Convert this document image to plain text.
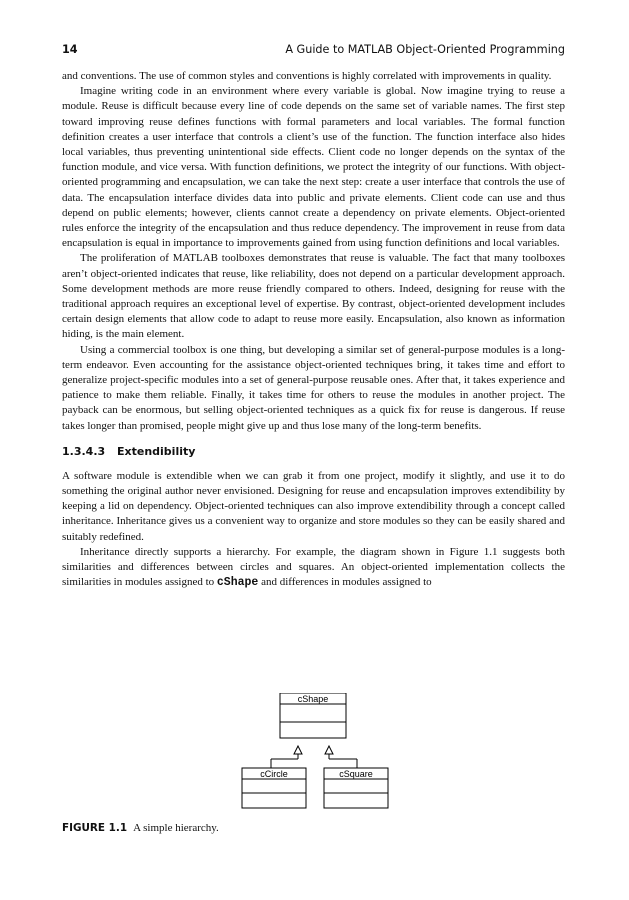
14	A Guide to MATLAB Object-Oriented Programming

and conventions. The use of common styles and conventions is highly correlated with improvements in quality.

Imagine writing code in an environment where every variable is global. Now imagine trying to reuse a module. Reuse is difficult because every line of code depends on the same set of variable names. The first step toward improving reuse defines functions with formal parameters and local variables. The formal function definition creates a user interface that controls a client’s use of the function. The function interface also hides local variables, thus preventing unintentional side effects. Client code no longer depends on the syntax of the function module, and vice versa. With function definitions, we protect the integrity of our functions. With object-oriented programming and encapsulation, we can take the next step: create a user interface that controls the use of data. The encapsulation interface divides data into public and private elements. Client code can use and thus depend on public elements; however, clients cannot create a dependency on private elements. Object-oriented rules enforce the integrity of the encapsulation and thus reduce dependency. The improvement in reuse from data encapsulation is equal in importance to improvements gained from using function definitions and local variables.

The proliferation of MATLAB toolboxes demonstrates that reuse is valuable. The fact that many toolboxes aren’t object-oriented indicates that reuse, like reliability, does not depend on a particular development approach. Some development methods are more reuse friendly compared to others. Indeed, designing for reuse with the traditional approach requires an exceptional level of expertise. By contrast, object-oriented development includes certain design elements that allow code to adapt to reuse more easily. Encapsulation, also known as information hiding, is the main element.

Using a commercial toolbox is one thing, but developing a similar set of general-purpose modules is a long-term endeavor. Even accounting for the assistance object-oriented techniques bring, it takes time and effort to generalize project-specific modules into a set of general-purpose reusable ones. After that, it takes experience and patience to make them reliable. Finally, it takes time for others to reuse the modules in another project. The payback can be enormous, but selling object-oriented techniques as a quick fix for reuse is dangerous. If reuse takes longer than promised, people might give up and thus lose many of the long-term benefits.

1.3.4.3 Extendibility

A software module is extendible when we can grab it from one project, modify it slightly, and use it to do something the original author never envisioned. Designing for reuse and encapsulation improves extendibility by keeping a lid on dependency. Object-oriented techniques can also improve extendibility through a concept called inheritance. Inheritance gives us a convenient way to organize and store modules so they can be easily shared and suitably redefined.

Inheritance directly supports a hierarchy. For example, the diagram shown in Figure 1.1 suggests both similarities and differences between circles and squares. An object-oriented implementation collects the similarities in modules assigned to cShape and differences in modules assigned to

cShape
cCircle	cSquare
FIGURE 1.1 A simple hierarchy.
